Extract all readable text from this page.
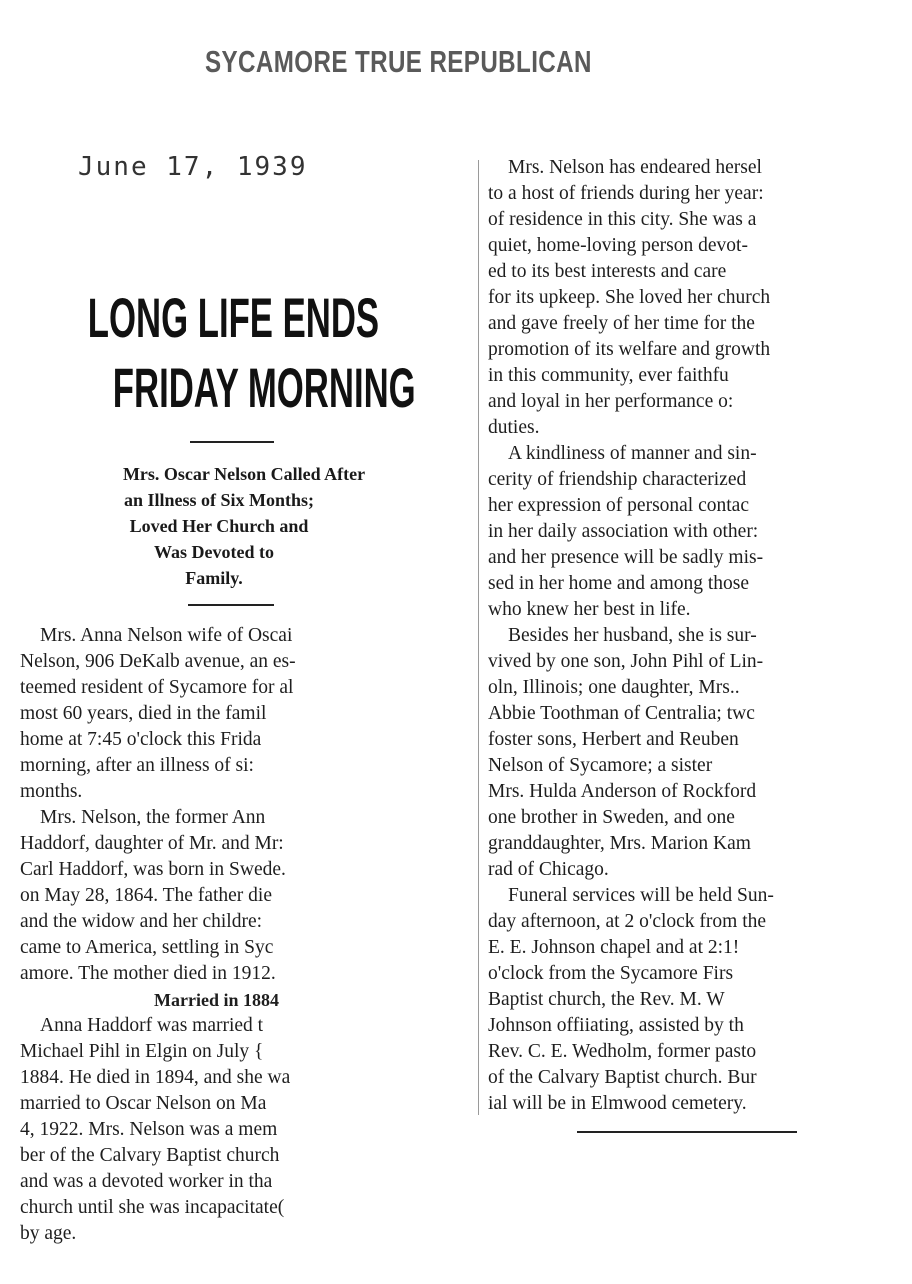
SYCAMORE TRUE REPUBLICAN
June 17, 1939
LONG LIFE ENDS
FRIDAY MORNING
Mrs. Oscar Nelson Called After
an Illness of Six Months;
Loved Her Church and
Was Devoted to
Family.
Mrs. Anna Nelson wife of Oscai
Nelson, 906 DeKalb avenue, an es-
teemed resident of Sycamore for al
most 60 years, died in the famil
home at 7:45 o'clock this Frida
morning, after an illness of si:
months.
Mrs. Nelson, the former Ann
Haddorf, daughter of Mr. and Mr:
Carl Haddorf, was born in Swede.
on May 28, 1864. The father die
and the widow and her childre:
came to America, settling in Syc
amore. The mother died in 1912.
Married in 1884
Anna Haddorf was married t
Michael Pihl in Elgin on July {
1884. He died in 1894, and she wa
married to Oscar Nelson on Ma
4, 1922. Mrs. Nelson was a mem
ber of the Calvary Baptist church
and was a devoted worker in tha
church until she was incapacitate(
by age.
Mrs. Nelson has endeared hersel
to a host of friends during her year:
of residence in this city. She was a
quiet, home-loving person devot-
ed to its best interests and care
for its upkeep. She loved her church
and gave freely of her time for the
promotion of its welfare and growth
in this community, ever faithfu
and loyal in her performance o:
duties.
A kindliness of manner and sin-
cerity of friendship characterized
her expression of personal contac
in her daily association with other:
and her presence will be sadly mis-
sed in her home and among those
who knew her best in life.
Besides her husband, she is sur-
vived by one son, John Pihl of Lin-
oln, Illinois; one daughter, Mrs..
Abbie Toothman of Centralia; twc
foster sons, Herbert and Reuben
Nelson of Sycamore; a sister
Mrs. Hulda Anderson of Rockford
one brother in Sweden, and one
granddaughter, Mrs. Marion Kam
rad of Chicago.
Funeral services will be held Sun-
day afternoon, at 2 o'clock from the
E. E. Johnson chapel and at 2:1!
o'clock from the Sycamore Firs
Baptist church, the Rev. M. W
Johnson offiiating, assisted by th
Rev. C. E. Wedholm, former pasto
of the Calvary Baptist church. Bur
ial will be in Elmwood cemetery.
